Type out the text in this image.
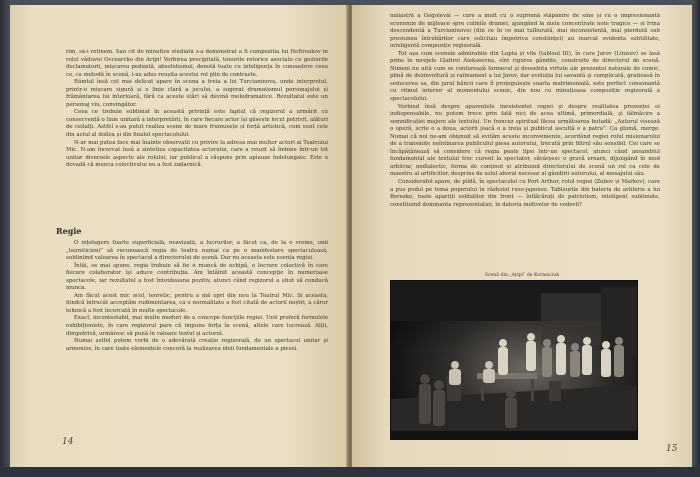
rim, să-i retinem. San cit de minutios studiată s-a demonstrat a fi compozitia lui Holtreakov în rolul văduvei Ovcearcko din Aripi! Vorbirea precipitată, tonurile retorice asociate cu gesturile declamatorii, mișcarea pedantă, absolutismul, denotă toate cu inteligența în cunoaștere ceea ce, ca metodă în scenă, i-au adus reușita acestui rol plin de contraste.

Râmtul însă cel mai delicat apare în scena a treia a lui Turcianinova, unde interpretul, printr-o mișcare sigură și o linie clară a jocului, a sugerat dramatismul personajului și frământarea lui interioară, fără ca aceste stări să devină melodramatice. Rezultatul este un personaj viu, convingător.

Ceea ce trebuie subliniat în această privință este faptul că regizorul a urmărit cu consecvență o linie unitară a interpretării, în care fiecare actor își găsește locul potrivit, alături de ceilalți. Astfel s-au putut realiza scene de mare frumusețe și forță artistică, cum sunt cele din actul al doilea și din finalul spectacolului.

N-ar mai putea face mai înainte observatii cu privire la adresa mai multor actori ai Teatrului Mic. N-am încercat însă a sintetiza capacitatea actorului, care a reușit să îmbine într-un tot unitar diversele aspecte ale rolului, iar publicul a răspuns prin aplauze îndelungate. Este o dovadă că munca colectivului nu a fost zadarnică.

Regie

O înțelegere foarte superficială, neavizată, a lucrurilor, a făcut ca, de la o vreme, unii „teoreticieni” să recunoască regia de teatru numai ca pe o manifestare spectaculoasă, subliniind valoarea în spectacol a directorului de scenă. Dar nu aceasta este esența regiei.

Întâi, se mai spune, regia trebuie să fie o muncă de echipă, o lucrare colectivă în care fiecare colaborator își aduce contribuția. Am întâlnit această concepție în numeroase spectacole, iar rezultatul a fost întotdeauna pozitiv, atunci când regizorul a știut să conducă munca.

Am făcut acest mic ocol, teoretic, pentru a mă opri din nou la Teatrul Mic. Și aceasta, fiindcă întrucât acceptăm rudimentarea, ca o normalitate a fost citată de actorii noștri, a căror tehnică a fost încercată în multe spectacole.

Exact, incontestabil, mai multe moduri de a concepe funcțiile regiei. Unii preferă formulele exhibiționiste, în care regizorul pare că impune forța în scenă, altele care lucrează. Alții, dimpotrivă, urmăresc să pună în valoare textul și actorul.

Numai astfel putem vorbi de o adevărată creație regizorală, de un spectacol unitar și armonios, în care toate elementele concură la realizarea ideii fundamentale a piesei.

14

măiastră a Gogolevăi — care a mult cu o supremă stăpânire de sine și cu o impresionantă economie de mijloace spre culmile dramei, ajungând la niste concentrate note tragice — și Irina descendentă a Turcianinovei (din ce în ce mai tulburată, mai inconsistentă, mai pierdută sub presiunea întrebărilor care solicitau împotriva constiinței) au marcat evidenta subtilitate, inteligentă compoziție regizorală.

Tot așa cum scenele admirabile din Lupta și vile (tabloul III), în care Jarov (Lînisev) se lasă prins în mrejele Glafirei Alekseevna, sînt riguros gândite, construite de directorul de scenă. Nimeni nu uită cum se conturează farmecul și deosebita virtute ale prezentei naturale de comic, plină de dezinvoltură și rafinament a lui Jarov, dar evoluția lui savantă și complicată, grațioasă în seducerea sa, din jurul băncii care îl proțeguiește soarta matrimonială, este perfect consonantă cu ritmul interior al momentului scenic, din nou cu minuțioasa compoziție regizorală a spectacolului.

Vorbind însă despre aparențele inexistentei regiei și despre realitatea prezenței ei indispensabile, nu putem trece prin fată nici de acea ultimă, primordială, și tălmăcire a semnificației majore ale textului. Un francez spiritual făcea următoarea butadă: „Autorul visează o operă, scrie o a doua, actorii joacă o a treia și publicul ascultă o a patra”. Ca glumă, merge. Numai că noi ne-am obișnuit să evităm aceste inconveniente, acordând regiei rolul misionarului de a transmite neîntinarea publicului piesa autorului, trecută prin filtrul său sensibil. Cei care se încăpățânează să considere că regia poate lipsi într-un spectacol, atunci când ansamblul fundamental ale textului trec curent la spectator, săvârșesc o gravă eroare, dijungând în mod arbitrar, nedialectic, forma de conținut și atribuind directorului de scenă un rol ca cele de maestru al artificiilor, desprins de solul aboral necesar al gândirii autorului, al mesajului său.

Considerabil apare, de pildă, în spectacolul cu Port Arthur, rolul regiei (Zubov și Markov), care a pus podul pe tema poporului în războiul ruso-japonez. Tablourile din bateria de artilerie a lui Berezko, toate apariții soldaților din front — înflăcărați de patriotism, inteligent subliniate, constituind dominanta reprezentației, în datoria motivelor de vodevil?

Scenă din „Aripi” de Korneiciuk
15
